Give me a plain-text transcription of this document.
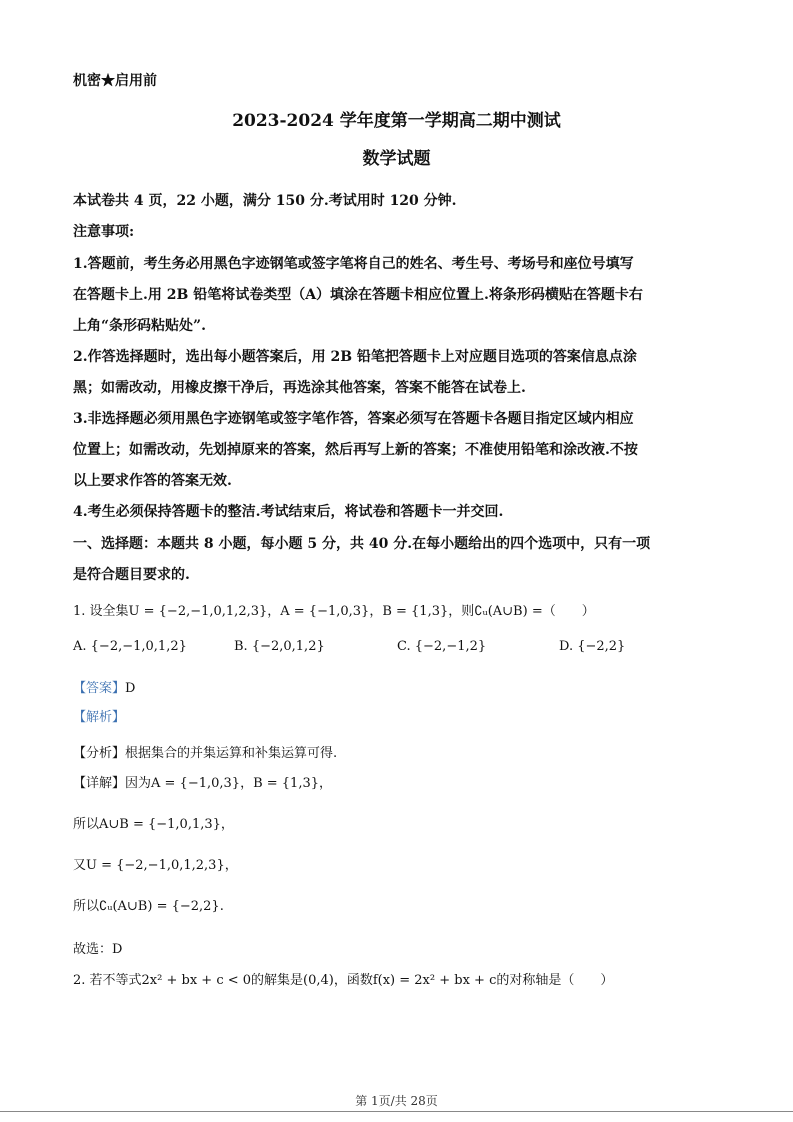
机密★启用前
2023-2024 学年度第一学期高二期中测试
数学试题
本试卷共 4 页，22 小题，满分 150 分.考试用时 120 分钟.
注意事项:
1.答题前，考生务必用黑色字迹钢笔或签字笔将自己的姓名、考生号、考场号和座位号填写
在答题卡上.用 2B 铅笔将试卷类型（A）填涂在答题卡相应位置上.将条形码横贴在答题卡右
上角“条形码粘贴处”.
2.作答选择题时，选出每小题答案后，用 2B 铅笔把答题卡上对应题目选项的答案信息点涂
黑；如需改动，用橡皮擦干净后，再选涂其他答案，答案不能答在试卷上.
3.非选择题必须用黑色字迹钢笔或签字笔作答，答案必须写在答题卡各题目指定区域内相应
位置上；如需改动，先划掉原来的答案，然后再写上新的答案；不准使用铅笔和涂改液.不按
以上要求作答的答案无效.
4.考生必须保持答题卡的整洁.考试结束后，将试卷和答题卡一并交回.
一、选择题：本题共 8 小题，每小题 5 分，共 40 分.在每小题给出的四个选项中，只有一项
是符合题目要求的.
1. 设全集U = {−2,−1,0,1,2,3}，A = {−1,0,3}，B = {1,3}，则∁ᵤ(A∪B) =（　　）
A. {−2,−1,0,1,2}	B. {−2,0,1,2}	C. {−2,−1,2}	D. {−2,2}
【答案】D
【解析】
【分析】根据集合的并集运算和补集运算可得.
【详解】因为A = {−1,0,3}，B = {1,3}，
所以A∪B = {−1,0,1,3}，
又U = {−2,−1,0,1,2,3}，
所以∁ᵤ(A∪B) = {−2,2}.
故选：D
2. 若不等式2x² + bx + c < 0的解集是(0,4)，函数f(x) = 2x² + bx + c的对称轴是（　　）
第 1页/共 28页
